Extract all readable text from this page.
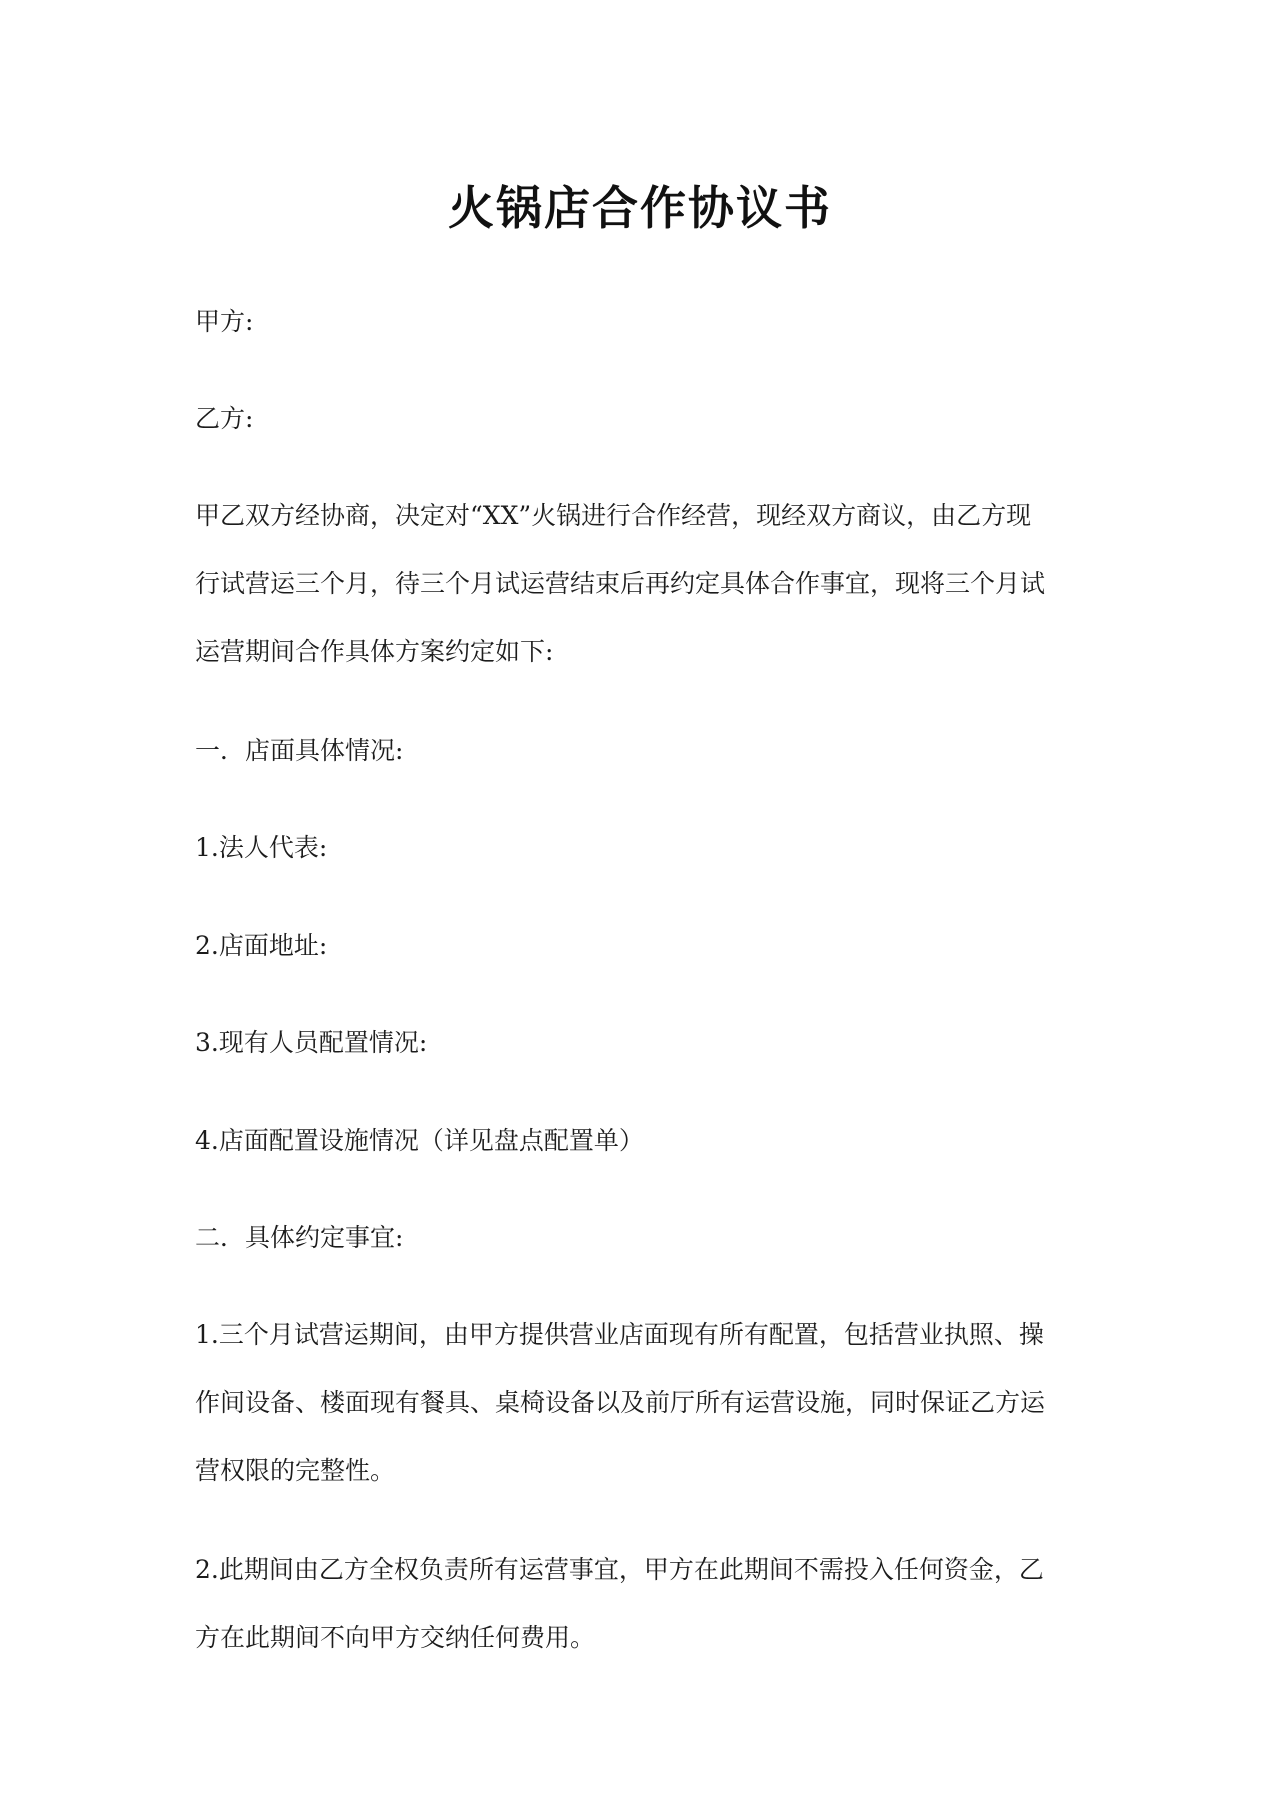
火锅店合作协议书
甲方:
乙方:
甲乙双方经协商，决定对“XX”火锅进行合作经营，现经双方商议，由乙方现
行试营运三个月，待三个月试运营结束后再约定具体合作事宜，现将三个月试
运营期间合作具体方案约定如下:
一．店面具体情况:
1.法人代表:
2.店面地址:
3.现有人员配置情况:
4.店面配置设施情况（详见盘点配置单）
二．具体约定事宜:
1.三个月试营运期间，由甲方提供营业店面现有所有配置，包括营业执照、操
作间设备、楼面现有餐具、桌椅设备以及前厅所有运营设施，同时保证乙方运
营权限的完整性。
2.此期间由乙方全权负责所有运营事宜，甲方在此期间不需投入任何资金，乙
方在此期间不向甲方交纳任何费用。
